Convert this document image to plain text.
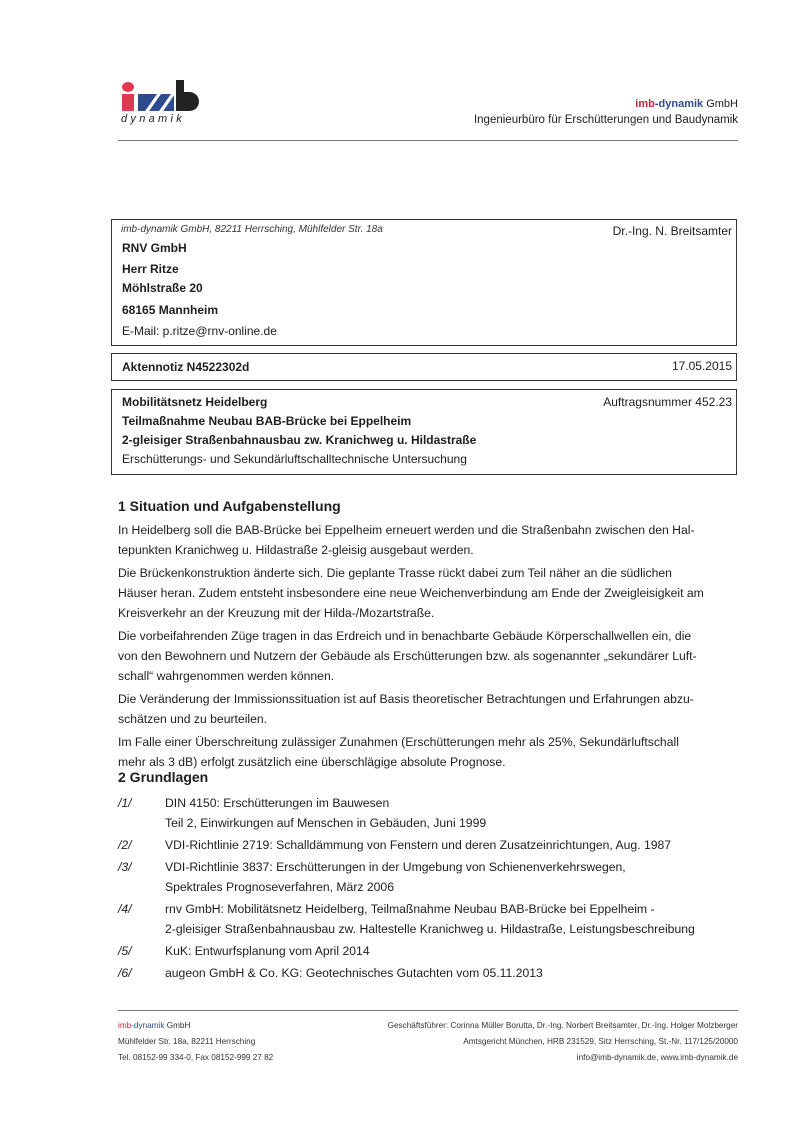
dynamik
imb-dynamik GmbH
Ingenieurbüro für Erschütterungen und Baudynamik
imb-dynamik GmbH, 82211 Herrsching, Mühlfelder Str. 18a	Dr.-Ing. N. Breitsamter
RNV GmbH
Herr Ritze
Möhlstraße 20
68165 Mannheim
E-Mail: p.ritze@rnv-online.de
Aktennotiz N4522302d	17.05.2015
Mobilitätsnetz Heidelberg
Teilmaßnahme Neubau BAB-Brücke bei Eppelheim
2-gleisiger Straßenbahnausbau zw. Kranichweg u. Hildastraße
Erschütterungs- und Sekundärluftschalltechnische Untersuchung
Auftragsnummer 452.23
1 Situation und Aufgabenstellung

In Heidelberg soll die BAB-Brücke bei Eppelheim erneuert werden und die Straßenbahn zwischen den Hal-
tepunkten Kranichweg u. Hildastraße 2-gleisig ausgebaut werden.

Die Brückenkonstruktion änderte sich. Die geplante Trasse rückt dabei zum Teil näher an die südlichen
Häuser heran. Zudem entsteht insbesondere eine neue Weichenverbindung am Ende der Zweigleisigkeit am
Kreisverkehr an der Kreuzung mit der Hilda-/Mozartstraße.

Die vorbeifahrenden Züge tragen in das Erdreich und in benachbarte Gebäude Körperschallwellen ein, die
von den Bewohnern und Nutzern der Gebäude als Erschütterungen bzw. als sogenannter „sekundärer Luft-
schall“ wahrgenommen werden können.

Die Veränderung der Immissionssituation ist auf Basis theoretischer Betrachtungen und Erfahrungen abzu-
schätzen und zu beurteilen.

Im Falle einer Überschreitung zulässiger Zunahmen (Erschütterungen mehr als 25%, Sekundärluftschall
mehr als 3 dB) erfolgt zusätzlich eine überschlägige absolute Prognose.

2 Grundlagen
/1/	DIN 4150: Erschütterungen im Bauwesen
Teil 2, Einwirkungen auf Menschen in Gebäuden, Juni 1999
/2/	VDI-Richtlinie 2719: Schalldämmung von Fenstern und deren Zusatzeinrichtungen, Aug. 1987
/3/	VDI-Richtlinie 3837: Erschütterungen in der Umgebung von Schienenverkehrswegen,
Spektrales Prognoseverfahren, März 2006
/4/	rnv GmbH: Mobilitätsnetz Heidelberg, Teilmaßnahme Neubau BAB-Brücke bei Eppelheim -
2-gleisiger Straßenbahnausbau zw. Haltestelle Kranichweg u. Hildastraße, Leistungsbeschreibung
/5/	KuK: Entwurfsplanung vom April 2014
/6/	augeon GmbH & Co. KG: Geotechnisches Gutachten vom 05.11.2013
imb-dynamik GmbH
Mühlfelder Str. 18a, 82211 Herrsching
Tel. 08152-99 334-0, Fax 08152-999 27 82
Geschäftsführer: Corinna Müller Borutta, Dr.-Ing. Norbert Breitsamter, Dr.-Ing. Holger Molzberger
Amtsgericht München, HRB 231529, Sitz Herrsching, St.-Nr. 117/125/20000
info@imb-dynamik.de, www.imb-dynamik.de
